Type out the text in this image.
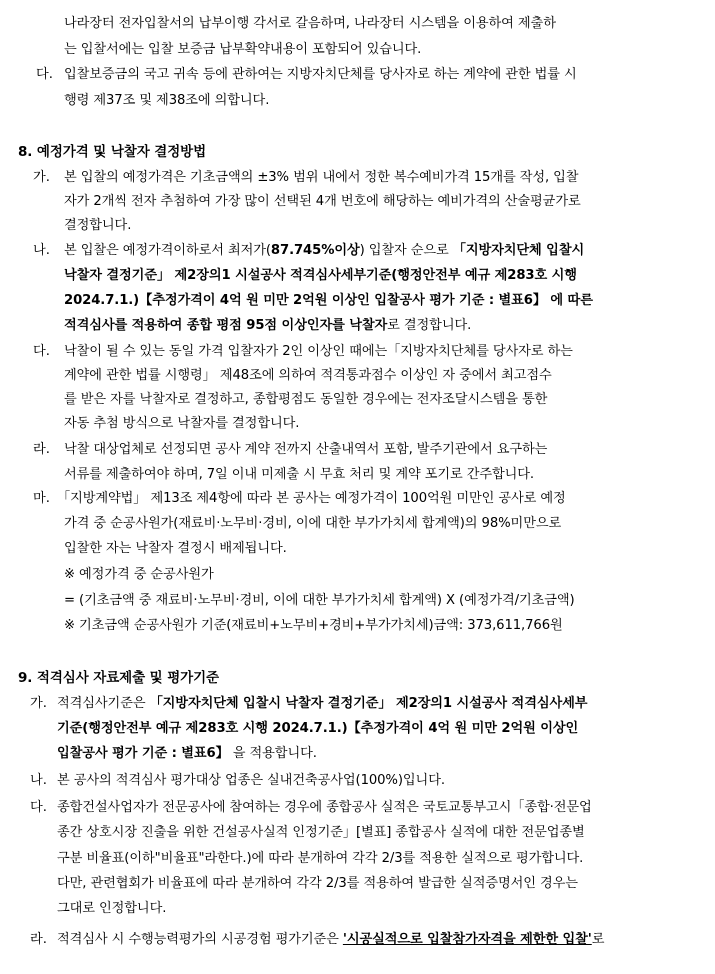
나라장터 전자입찰서의 납부이행 각서로 갈음하며, 나라장터 시스템을 이용하여 제출하
는 입찰서에는 입찰 보증금 납부확약내용이 포함되어 있습니다.
다. 입찰보증금의 국고 귀속 등에 관하여는 지방자치단체를 당사자로 하는 계약에 관한 법률 시
행령 제37조 및 제38조에 의합니다.
8. 예정가격 및 낙찰자 결정방법
가. 본 입찰의 예정가격은 기초금액의 ±3% 범위 내에서 정한 복수예비가격 15개를 작성, 입찰
자가 2개씩 전자 추첨하여 가장 많이 선택된 4개 번호에 해당하는 예비가격의 산술평균가로
결정합니다.
나. 본 입찰은 예정가격이하로서 최저가(87.745%이상) 입찰자 순으로 「지방자치단체 입찰시
낙찰자 결정기준」 제2장의1 시설공사 적격심사세부기준(행정안전부 예규 제283호 시행
2024.7.1.)【추정가격이 4억 원 미만 2억원 이상인 입찰공사 평가 기준 : 별표6】 에 따른
적격심사를 적용하여 종합 평점 95점 이상인자를 낙찰자로 결정합니다.
다. 낙찰이 될 수 있는 동일 가격 입찰자가 2인 이상인 때에는「지방자치단체를 당사자로 하는
계약에 관한 법률 시행령」 제48조에 의하여 적격통과점수 이상인 자 중에서 최고점수
를 받은 자를 낙찰자로 결정하고, 종합평점도 동일한 경우에는 전자조달시스템을 통한
자동 추첨 방식으로 낙찰자를 결정합니다.
라. 낙찰 대상업체로 선정되면 공사 계약 전까지 산출내역서 포함, 발주기관에서 요구하는
서류를 제출하여야 하며, 7일 이내 미제출 시 무효 처리 및 계약 포기로 간주합니다.
마. 「지방계약법」 제13조 제4항에 따라 본 공사는 예정가격이 100억원 미만인 공사로 예정
가격 중 순공사원가(재료비·노무비·경비, 이에 대한 부가가치세 합계액)의 98%미만으로
입찰한 자는 낙찰자 결정시 배제됩니다.
※ 예정가격 중 순공사원가
= (기초금액 중 재료비·노무비·경비, 이에 대한 부가가치세 합계액) X (예정가격/기초금액)
※ 기초금액 순공사원가 기준(재료비+노무비+경비+부가가치세)금액: 373,611,766원
9. 적격심사 자료제출 및 평가기준
가. 적격심사기준은 「지방자치단체 입찰시 낙찰자 결정기준」 제2장의1 시설공사 적격심사세부
기준(행정안전부 예규 제283호 시행 2024.7.1.)【추정가격이 4억 원 미만 2억원 이상인
입찰공사 평가 기준 : 별표6】 을 적용합니다.
나. 본 공사의 적격심사 평가대상 업종은 실내건축공사업(100%)입니다.
다. 종합건설사업자가 전문공사에 참여하는 경우에 종합공사 실적은 국토교통부고시「종합·전문업
종간 상호시장 진출을 위한 건설공사실적 인정기준」[별표] 종합공사 실적에 대한 전문업종별
구분 비율표(이하"비율표"라한다.)에 따라 분개하여 각각 2/3를 적용한 실적으로 평가합니다.
다만, 관련협회가 비율표에 따라 분개하여 각각 2/3를 적용하여 발급한 실적증명서인 경우는
그대로 인정합니다.
라. 적격심사 시 수행능력평가의 시공경험 평가기준은 '시공실적으로 입찰참가자격을 제한한 입찰'로
